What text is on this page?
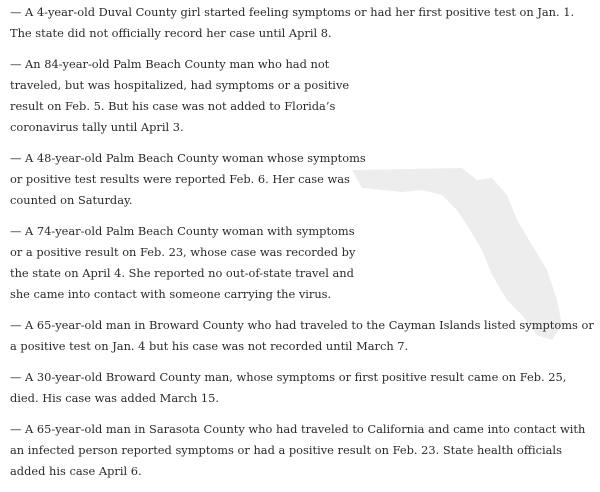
— A 4-year-old Duval County girl started feeling symptoms or had her first positive test on Jan. 1. The state did not officially record her case until April 8.

— An 84-year-old Palm Beach County man who had not traveled, but was hospitalized, had symptoms or a positive result on Feb. 5. But his case was not added to Florida’s coronavirus tally until April 3.

— A 48-year-old Palm Beach County woman whose symptoms or positive test results were reported Feb. 6. Her case was counted on Saturday.

— A 74-year-old Palm Beach County woman with symptoms or a positive result on Feb. 23, whose case was recorded by the state on April 4. She reported no out-of-state travel and she came into contact with someone carrying the virus.

— A 65-year-old man in Broward County who had traveled to the Cayman Islands listed symptoms or a positive test on Jan. 4 but his case was not recorded until March 7.

— A 30-year-old Broward County man, whose symptoms or first positive result came on Feb. 25, died. His case was added March 15.

— A 65-year-old man in Sarasota County who had traveled to California and came into contact with an infected person reported symptoms or had a positive result on Feb. 23. State health officials added his case April 6.
